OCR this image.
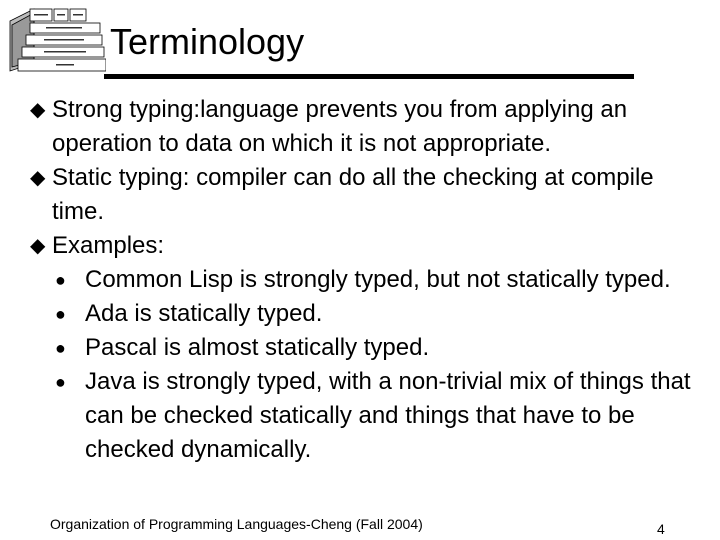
Terminology
◆ Strong typing:language prevents you from applying an operation to data on which it is not appropriate.
◆ Static typing: compiler can do all the checking at compile time.
◆ Examples:
● Common Lisp is strongly typed, but not statically typed.
● Ada is statically typed.
● Pascal is almost statically typed.
● Java is strongly typed, with a non-trivial mix of things that can be checked statically and things that have to be checked dynamically.
Organization of Programming Languages-Cheng (Fall 2004)	4
